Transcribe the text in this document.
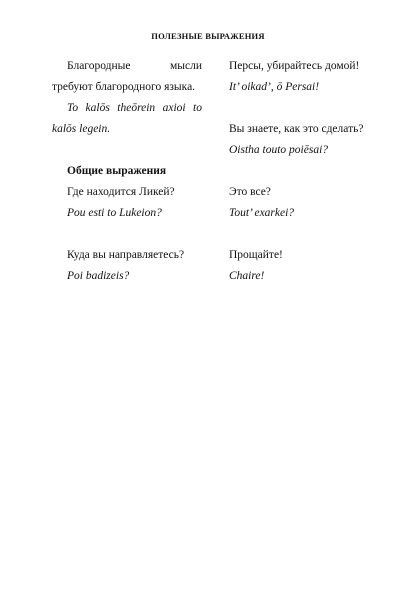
ПОЛЕЗНЫЕ ВЫРАЖЕНИЯ
Благородные мысли требуют благородного языка.
To kalōs theōrein axioi to kalōs legein.
Общие выражения
Где находится Ликей?
Pou esti to Lukeion?
Куда вы направляетесь?
Poi badizeis?
Персы, убирайтесь домой!
It’ oikad’, ō Persai!
Вы знаете, как это сделать?
Oistha touto poiēsai?
Это все?
Tout’ exarkei?
Прощайте!
Chaire!
